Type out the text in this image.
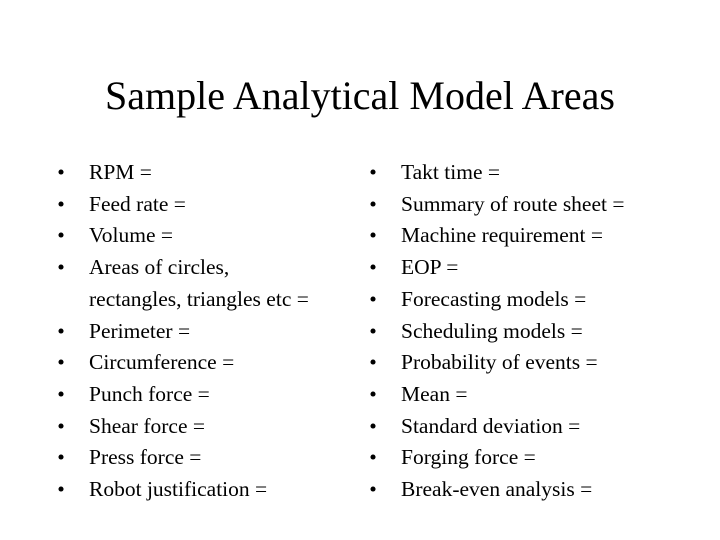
Sample Analytical Model Areas
• RPM =
• Feed rate =
• Volume =
• Areas of circles,
rectangles, triangles etc =
• Perimeter =
• Circumference =
• Punch force =
• Shear force =
• Press force =
• Robot justification =
• Takt time =
• Summary of route sheet =
• Machine requirement =
• EOP =
• Forecasting models =
• Scheduling models =
• Probability of events =
• Mean =
• Standard deviation =
• Forging force =
• Break-even analysis =
